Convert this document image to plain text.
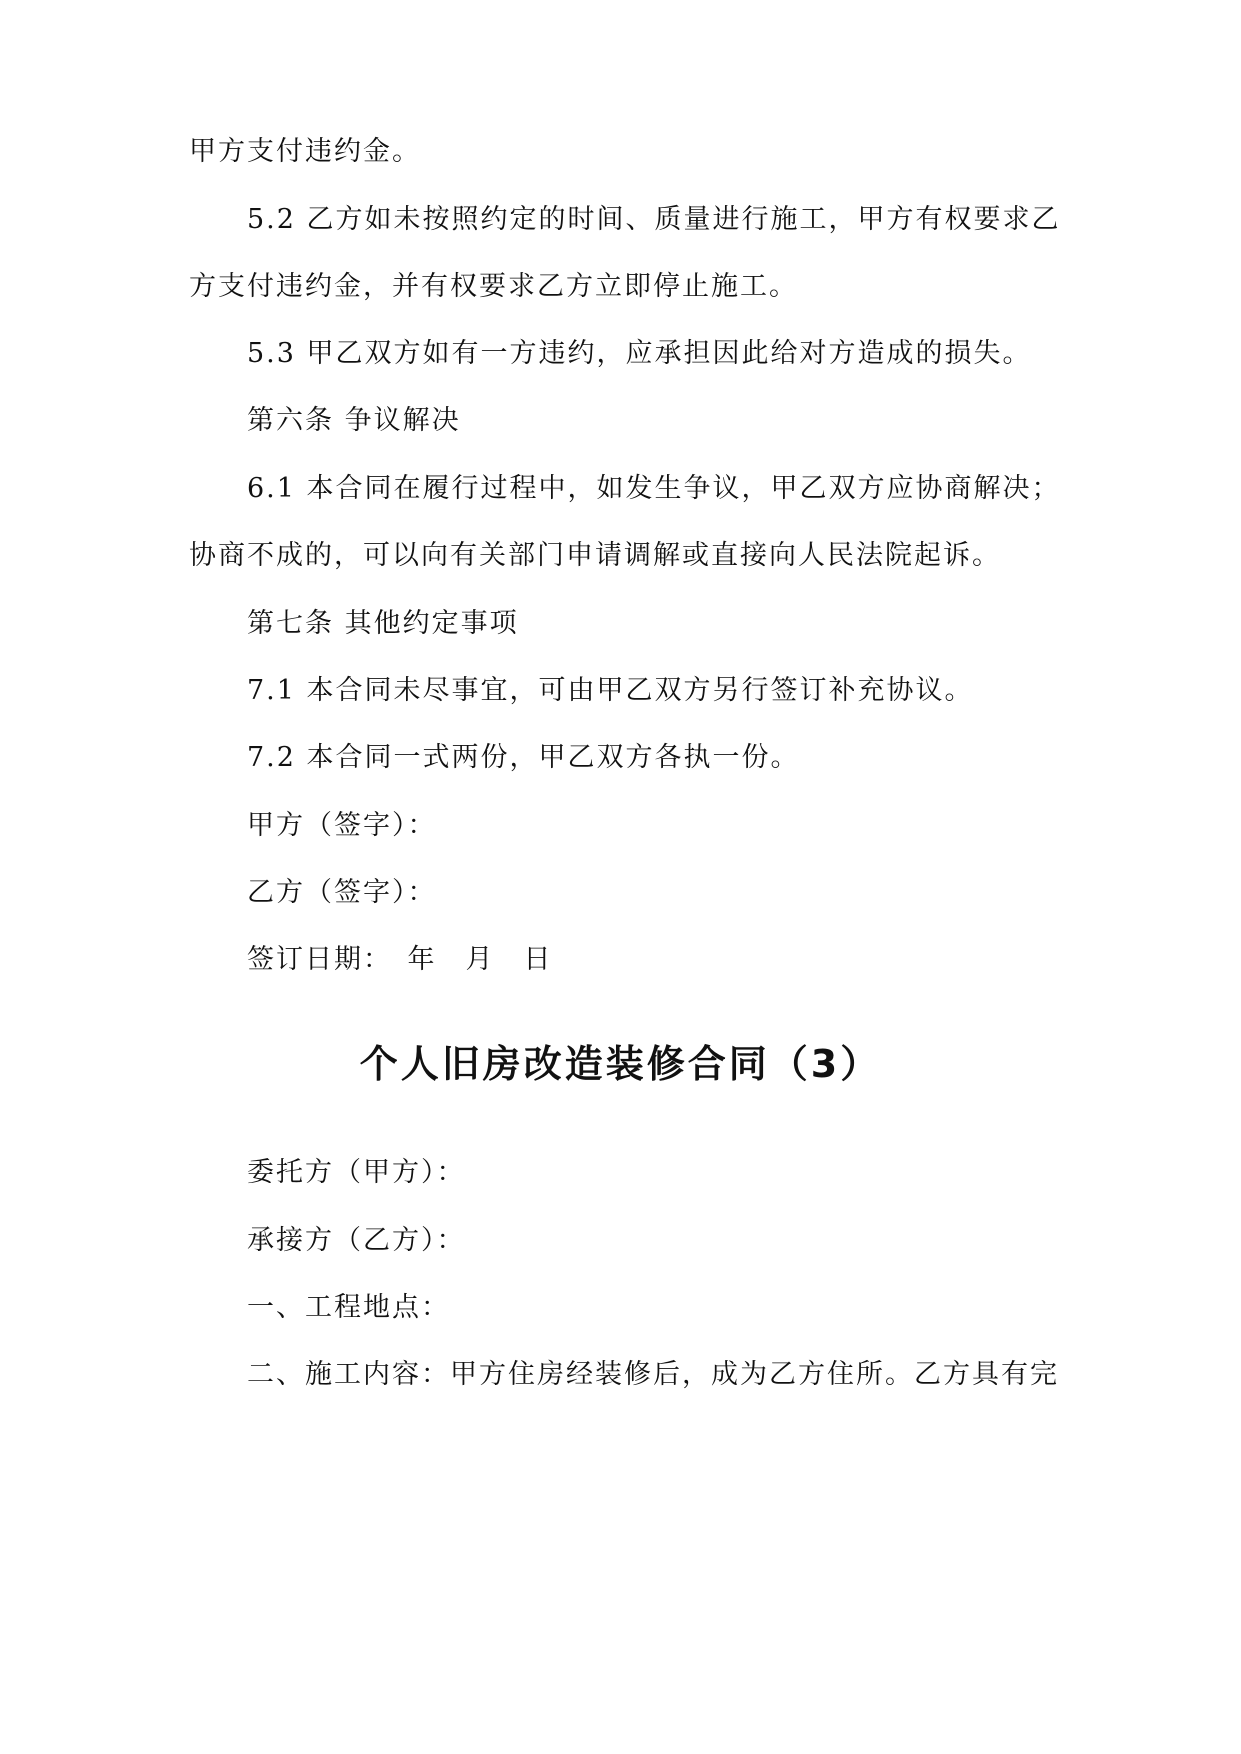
甲方支付违约金。

5.2 乙方如未按照约定的时间、质量进行施工，甲方有权要求乙

方支付违约金，并有权要求乙方立即停止施工。

5.3 甲乙双方如有一方违约，应承担因此给对方造成的损失。

第六条 争议解决

6.1 本合同在履行过程中，如发生争议，甲乙双方应协商解决；

协商不成的，可以向有关部门申请调解或直接向人民法院起诉。

第七条 其他约定事项

7.1 本合同未尽事宜，可由甲乙双方另行签订补充协议。

7.2 本合同一式两份，甲乙双方各执一份。

甲方（签字）：

乙方（签字）：

签订日期：　年　月　日

个人旧房改造装修合同（3）

委托方（甲方）：

承接方（乙方）：

一、工程地点：

二、施工内容：甲方住房经装修后，成为乙方住所。乙方具有完
